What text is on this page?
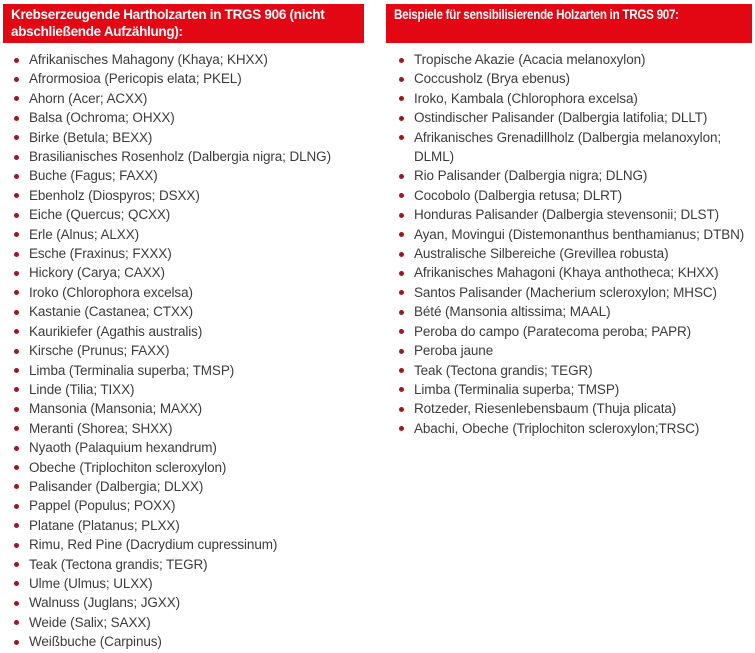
Krebserzeugende Hartholzarten in TRGS 906 (nicht abschließende Aufzählung):
Afrikanisches Mahagony (Khaya; KHXX)
Afrormosioa (Pericopis elata; PKEL)
Ahorn (Acer; ACXX)
Balsa (Ochroma; OHXX)
Birke (Betula; BEXX)
Brasilianisches Rosenholz (Dalbergia nigra; DLNG)
Buche (Fagus; FAXX)
Ebenholz (Diospyros; DSXX)
Eiche (Quercus; QCXX)
Erle (Alnus; ALXX)
Esche (Fraxinus; FXXX)
Hickory (Carya; CAXX)
Iroko (Chlorophora excelsa)
Kastanie (Castanea; CTXX)
Kaurikiefer (Agathis australis)
Kirsche (Prunus; FAXX)
Limba (Terminalia superba; TMSP)
Linde (Tilia; TIXX)
Mansonia (Mansonia; MAXX)
Meranti (Shorea; SHXX)
Nyaoth (Palaquium hexandrum)
Obeche (Triplochiton scleroxylon)
Palisander (Dalbergia; DLXX)
Pappel (Populus; POXX)
Platane (Platanus; PLXX)
Rimu, Red Pine (Dacrydium cupressinum)
Teak (Tectona grandis; TEGR)
Ulme (Ulmus; ULXX)
Walnuss (Juglans; JGXX)
Weide (Salix; SAXX)
Weißbuche (Carpinus)
Beispiele für sensibilisierende Holzarten in TRGS 907:
Tropische Akazie (Acacia melanoxylon)
Coccusholz (Brya ebenus)
Iroko, Kambala (Chlorophora excelsa)
Ostindischer Palisander (Dalbergia latifolia; DLLT)
Afrikanisches Grenadillholz (Dalbergia melanoxylon; DLML)
Rio Palisander (Dalbergia nigra; DLNG)
Cocobolo (Dalbergia retusa; DLRT)
Honduras Palisander (Dalbergia stevensonii; DLST)
Ayan, Movingui (Distemonanthus benthamianus; DTBN)
Australische Silbereiche (Grevillea robusta)
Afrikanisches Mahagoni (Khaya anthotheca; KHXX)
Santos Palisander (Macherium scleroxylon; MHSC)
Bété (Mansonia altissima; MAAL)
Peroba do campo (Paratecoma peroba; PAPR)
Peroba jaune
Teak (Tectona grandis; TEGR)
Limba (Terminalia superba; TMSP)
Rotzeder, Riesenlebensbaum (Thuja plicata)
Abachi, Obeche (Triplochiton scleroxylon;TRSC)
